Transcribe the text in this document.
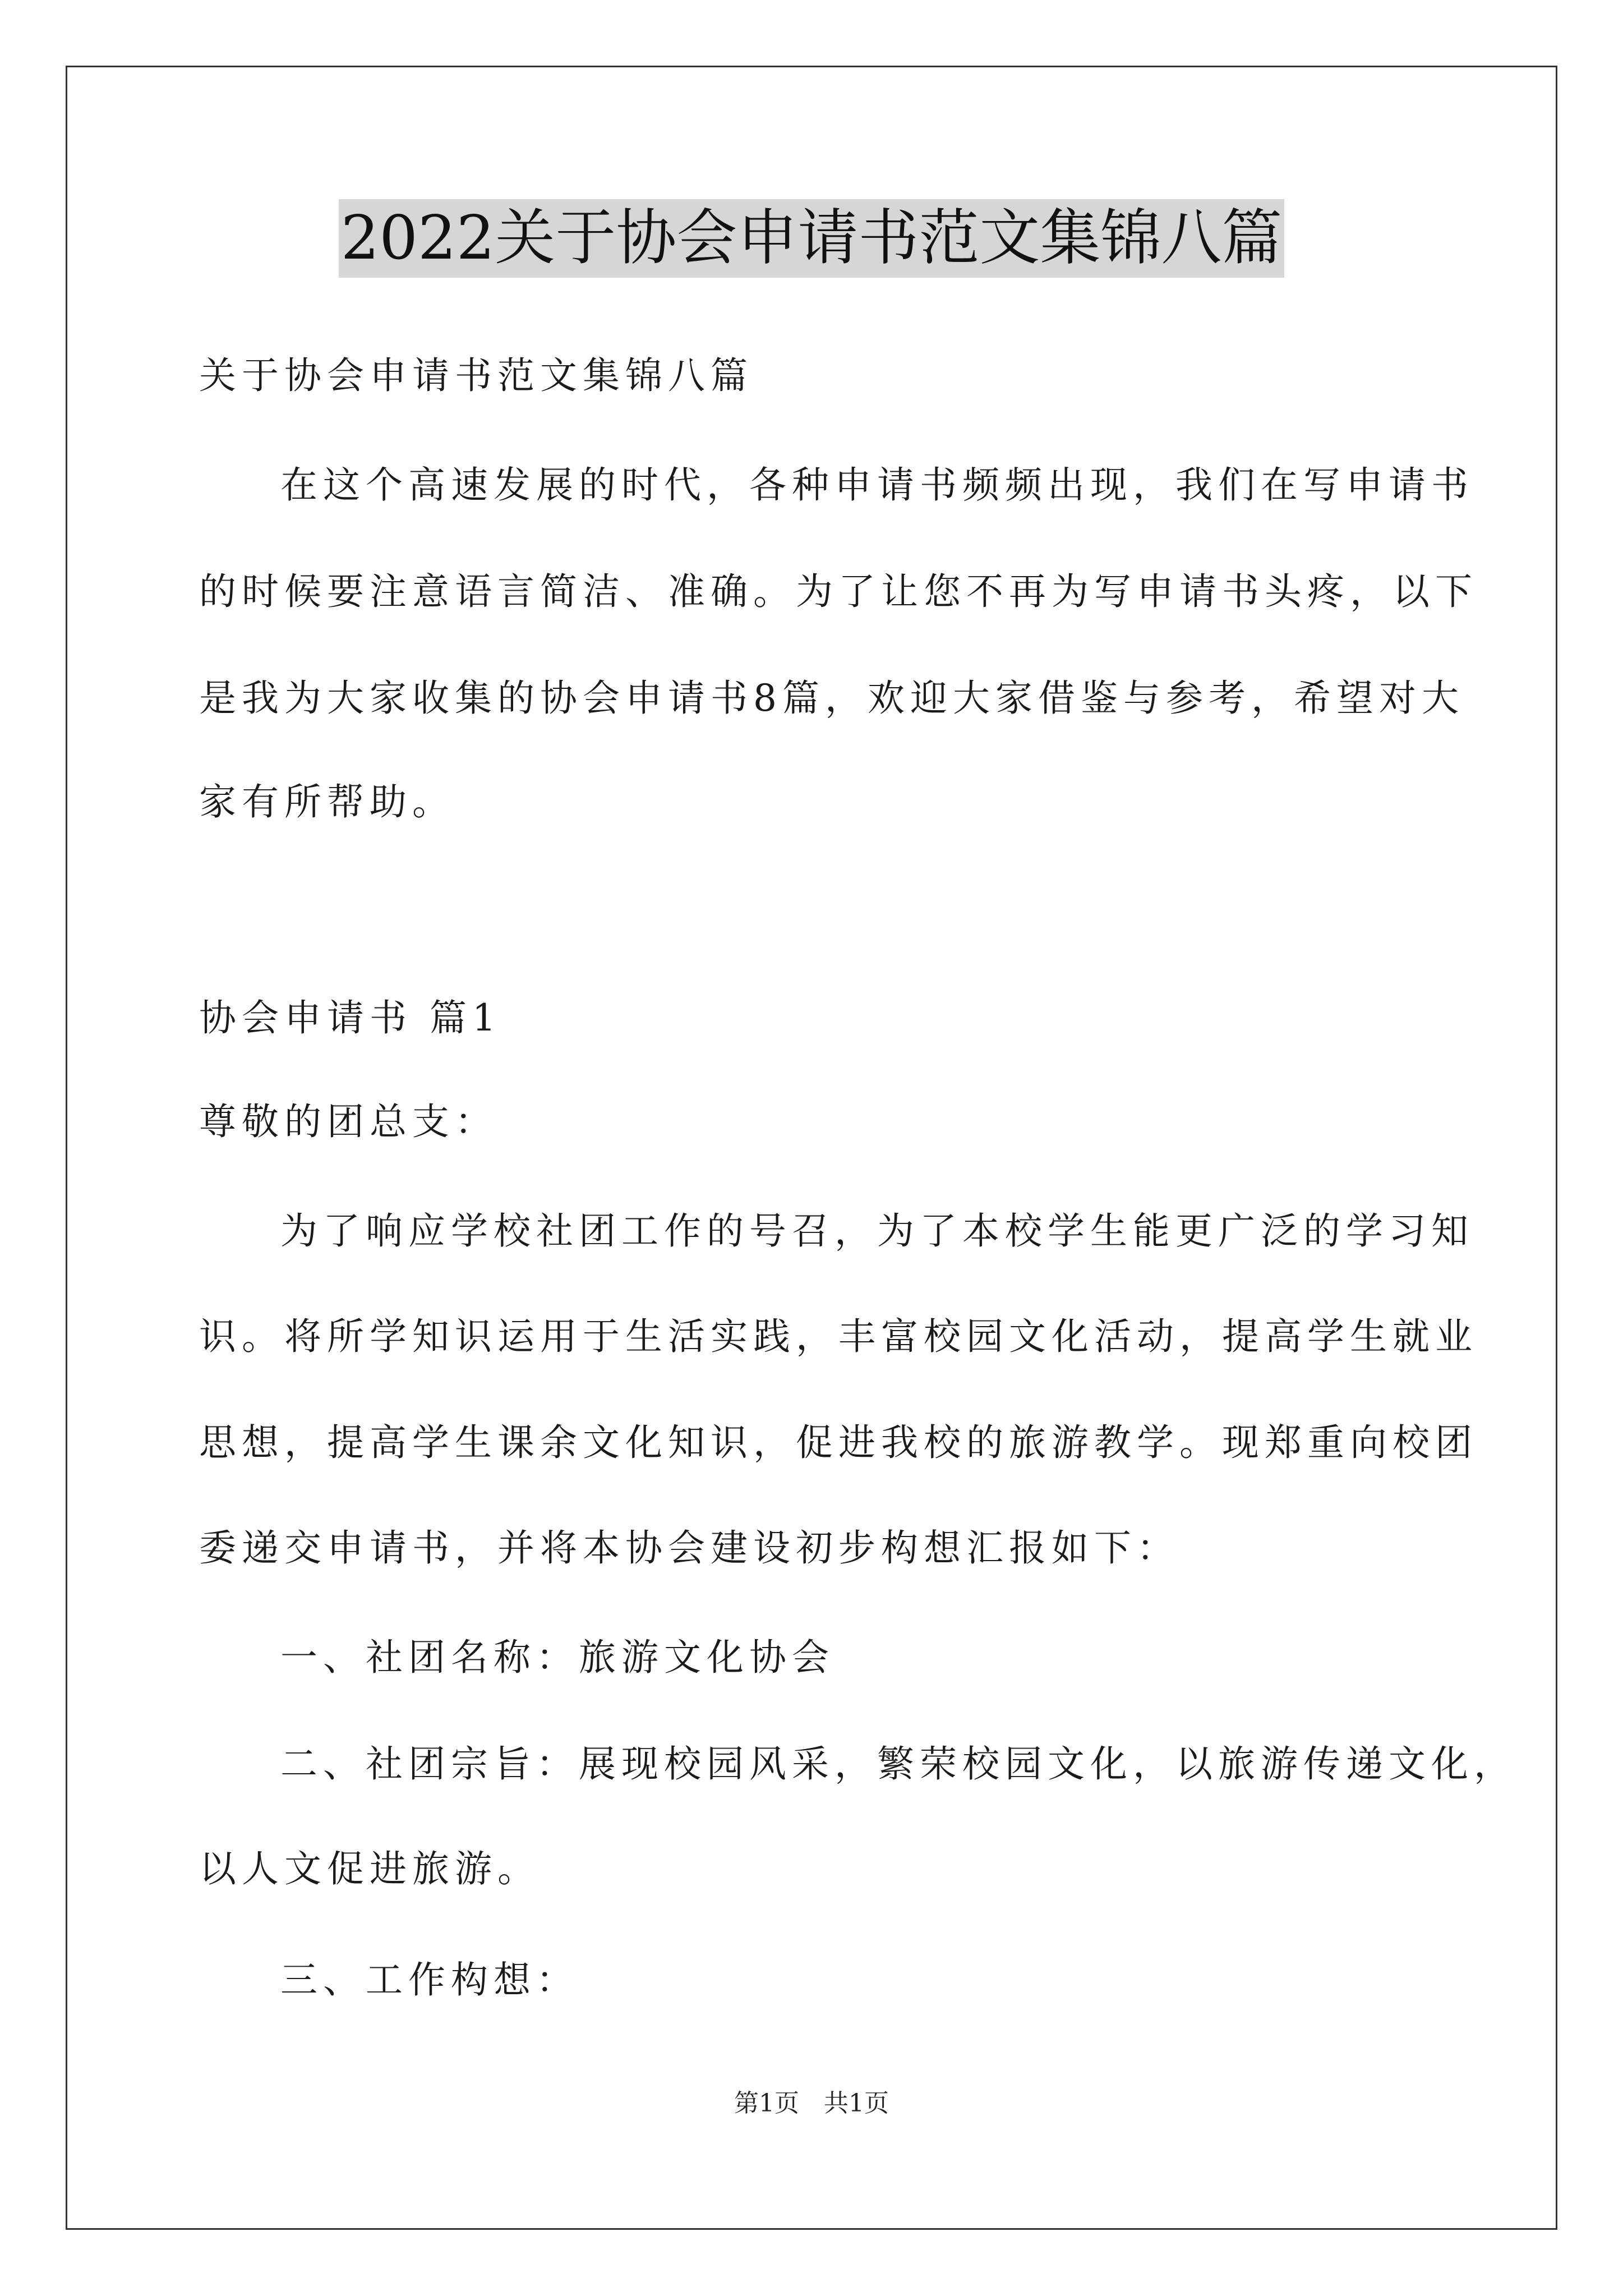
2022关于协会申请书范文集锦八篇
关于协会申请书范文集锦八篇
在这个高速发展的时代，各种申请书频频出现，我们在写申请书
的时候要注意语言简洁、准确。为了让您不再为写申请书头疼，以下
是我为大家收集的协会申请书8篇，欢迎大家借鉴与参考，希望对大
家有所帮助。
协会申请书 篇1
尊敬的团总支：
为了响应学校社团工作的号召，为了本校学生能更广泛的学习知
识。将所学知识运用于生活实践，丰富校园文化活动，提高学生就业
思想，提高学生课余文化知识，促进我校的旅游教学。现郑重向校团
委递交申请书，并将本协会建设初步构想汇报如下：
一、社团名称：旅游文化协会
二、社团宗旨：展现校园风采，繁荣校园文化，以旅游传递文化，
以人文促进旅游。
三、工作构想：
第1页　共1页
